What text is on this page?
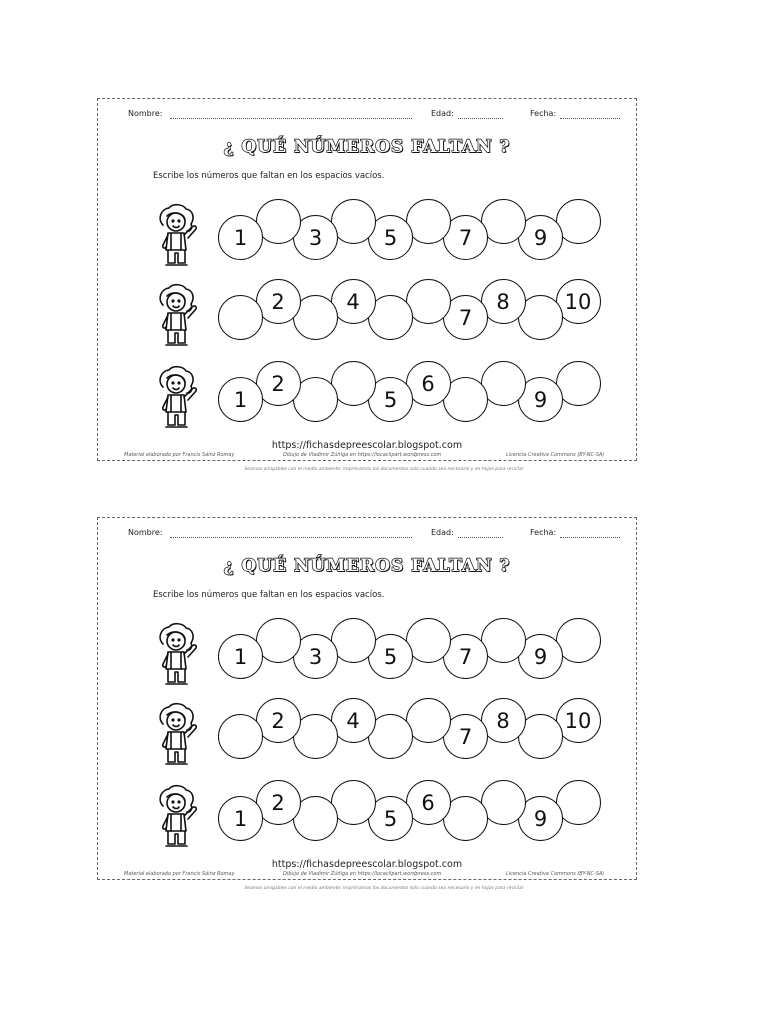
Nombre:	Edad:	Fecha:
¿ QUÉ NÚMEROS FALTAN ?
Escribe los números que faltan en los espacios vacíos.
1	3	5	7	9
2	4
7
8	10
1
2
5
6
9
https://fichasdepreescolar.blogspot.com
Material elaborado por Francis Sáinz Romay	Dibujo de Vladimir Zúñiga en https://locaclipart.wordpress.com	Licencia Creative Commons (BY-NC-SA)
Seamos amigables con el medio ambiente: imprimamos los documentos solo cuando sea necesario y en hojas para reciclar
Nombre:	Edad:	Fecha:
¿ QUÉ NÚMEROS FALTAN ?
Escribe los números que faltan en los espacios vacíos.
1	3	5	7	9
2	4
7
8	10
1
2
5
6
9
https://fichasdepreescolar.blogspot.com
Material elaborado por Francis Sáinz Romay	Dibujo de Vladimir Zúñiga en https://locaclipart.wordpress.com	Licencia Creative Commons (BY-NC-SA)
Seamos amigables con el medio ambiente: imprimamos los documentos solo cuando sea necesario y en hojas para reciclar
